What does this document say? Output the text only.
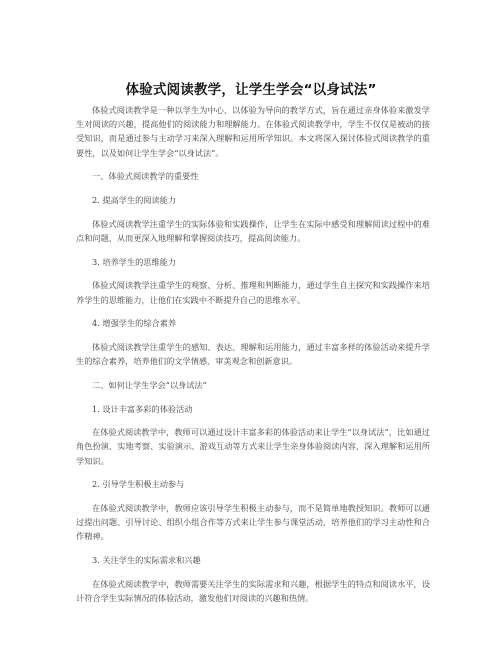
体验式阅读教学，让学生学会“以身试法”

体验式阅读教学是一种以学生为中心、以体验为导向的教学方式，旨在通过亲身体验来激发学生对阅读的兴趣，提高他们的阅读能力和理解能力。在体验式阅读教学中，学生不仅仅是被动的接受知识，而是通过参与主动学习来深入理解和运用所学知识。本文将深入探讨体验式阅读教学的重要性，以及如何让学生学会“以身试法”。

一、体验式阅读教学的重要性

2. 提高学生的阅读能力

体验式阅读教学注重学生的实际体验和实践操作，让学生在实际中感受和理解阅读过程中的难点和问题，从而更深入地理解和掌握阅读技巧，提高阅读能力。

3. 培养学生的思维能力

体验式阅读教学注重学生的观察、分析、推理和判断能力，通过学生自主探究和实践操作来培养学生的思维能力，让他们在实践中不断提升自己的思维水平。

4. 增强学生的综合素养

体验式阅读教学注重学生的感知、表达、理解和运用能力，通过丰富多样的体验活动来提升学生的综合素养，培养他们的文学情感、审美观念和创新意识。

二、如何让学生学会“以身试法”

1. 设计丰富多彩的体验活动

在体验式阅读教学中，教师可以通过设计丰富多彩的体验活动来让学生“以身试法”，比如通过角色扮演、实地考察、实验演示、游戏互动等方式来让学生亲身体验阅读内容，深入理解和运用所学知识。

2. 引导学生积极主动参与

在体验式阅读教学中，教师应该引导学生积极主动参与，而不是简单地教授知识。教师可以通过提出问题、引导讨论、组织小组合作等方式来让学生参与课堂活动，培养他们的学习主动性和合作精神。

3. 关注学生的实际需求和兴趣

在体验式阅读教学中，教师需要关注学生的实际需求和兴趣，根据学生的特点和阅读水平，设计符合学生实际情况的体验活动，激发他们对阅读的兴趣和热情。
